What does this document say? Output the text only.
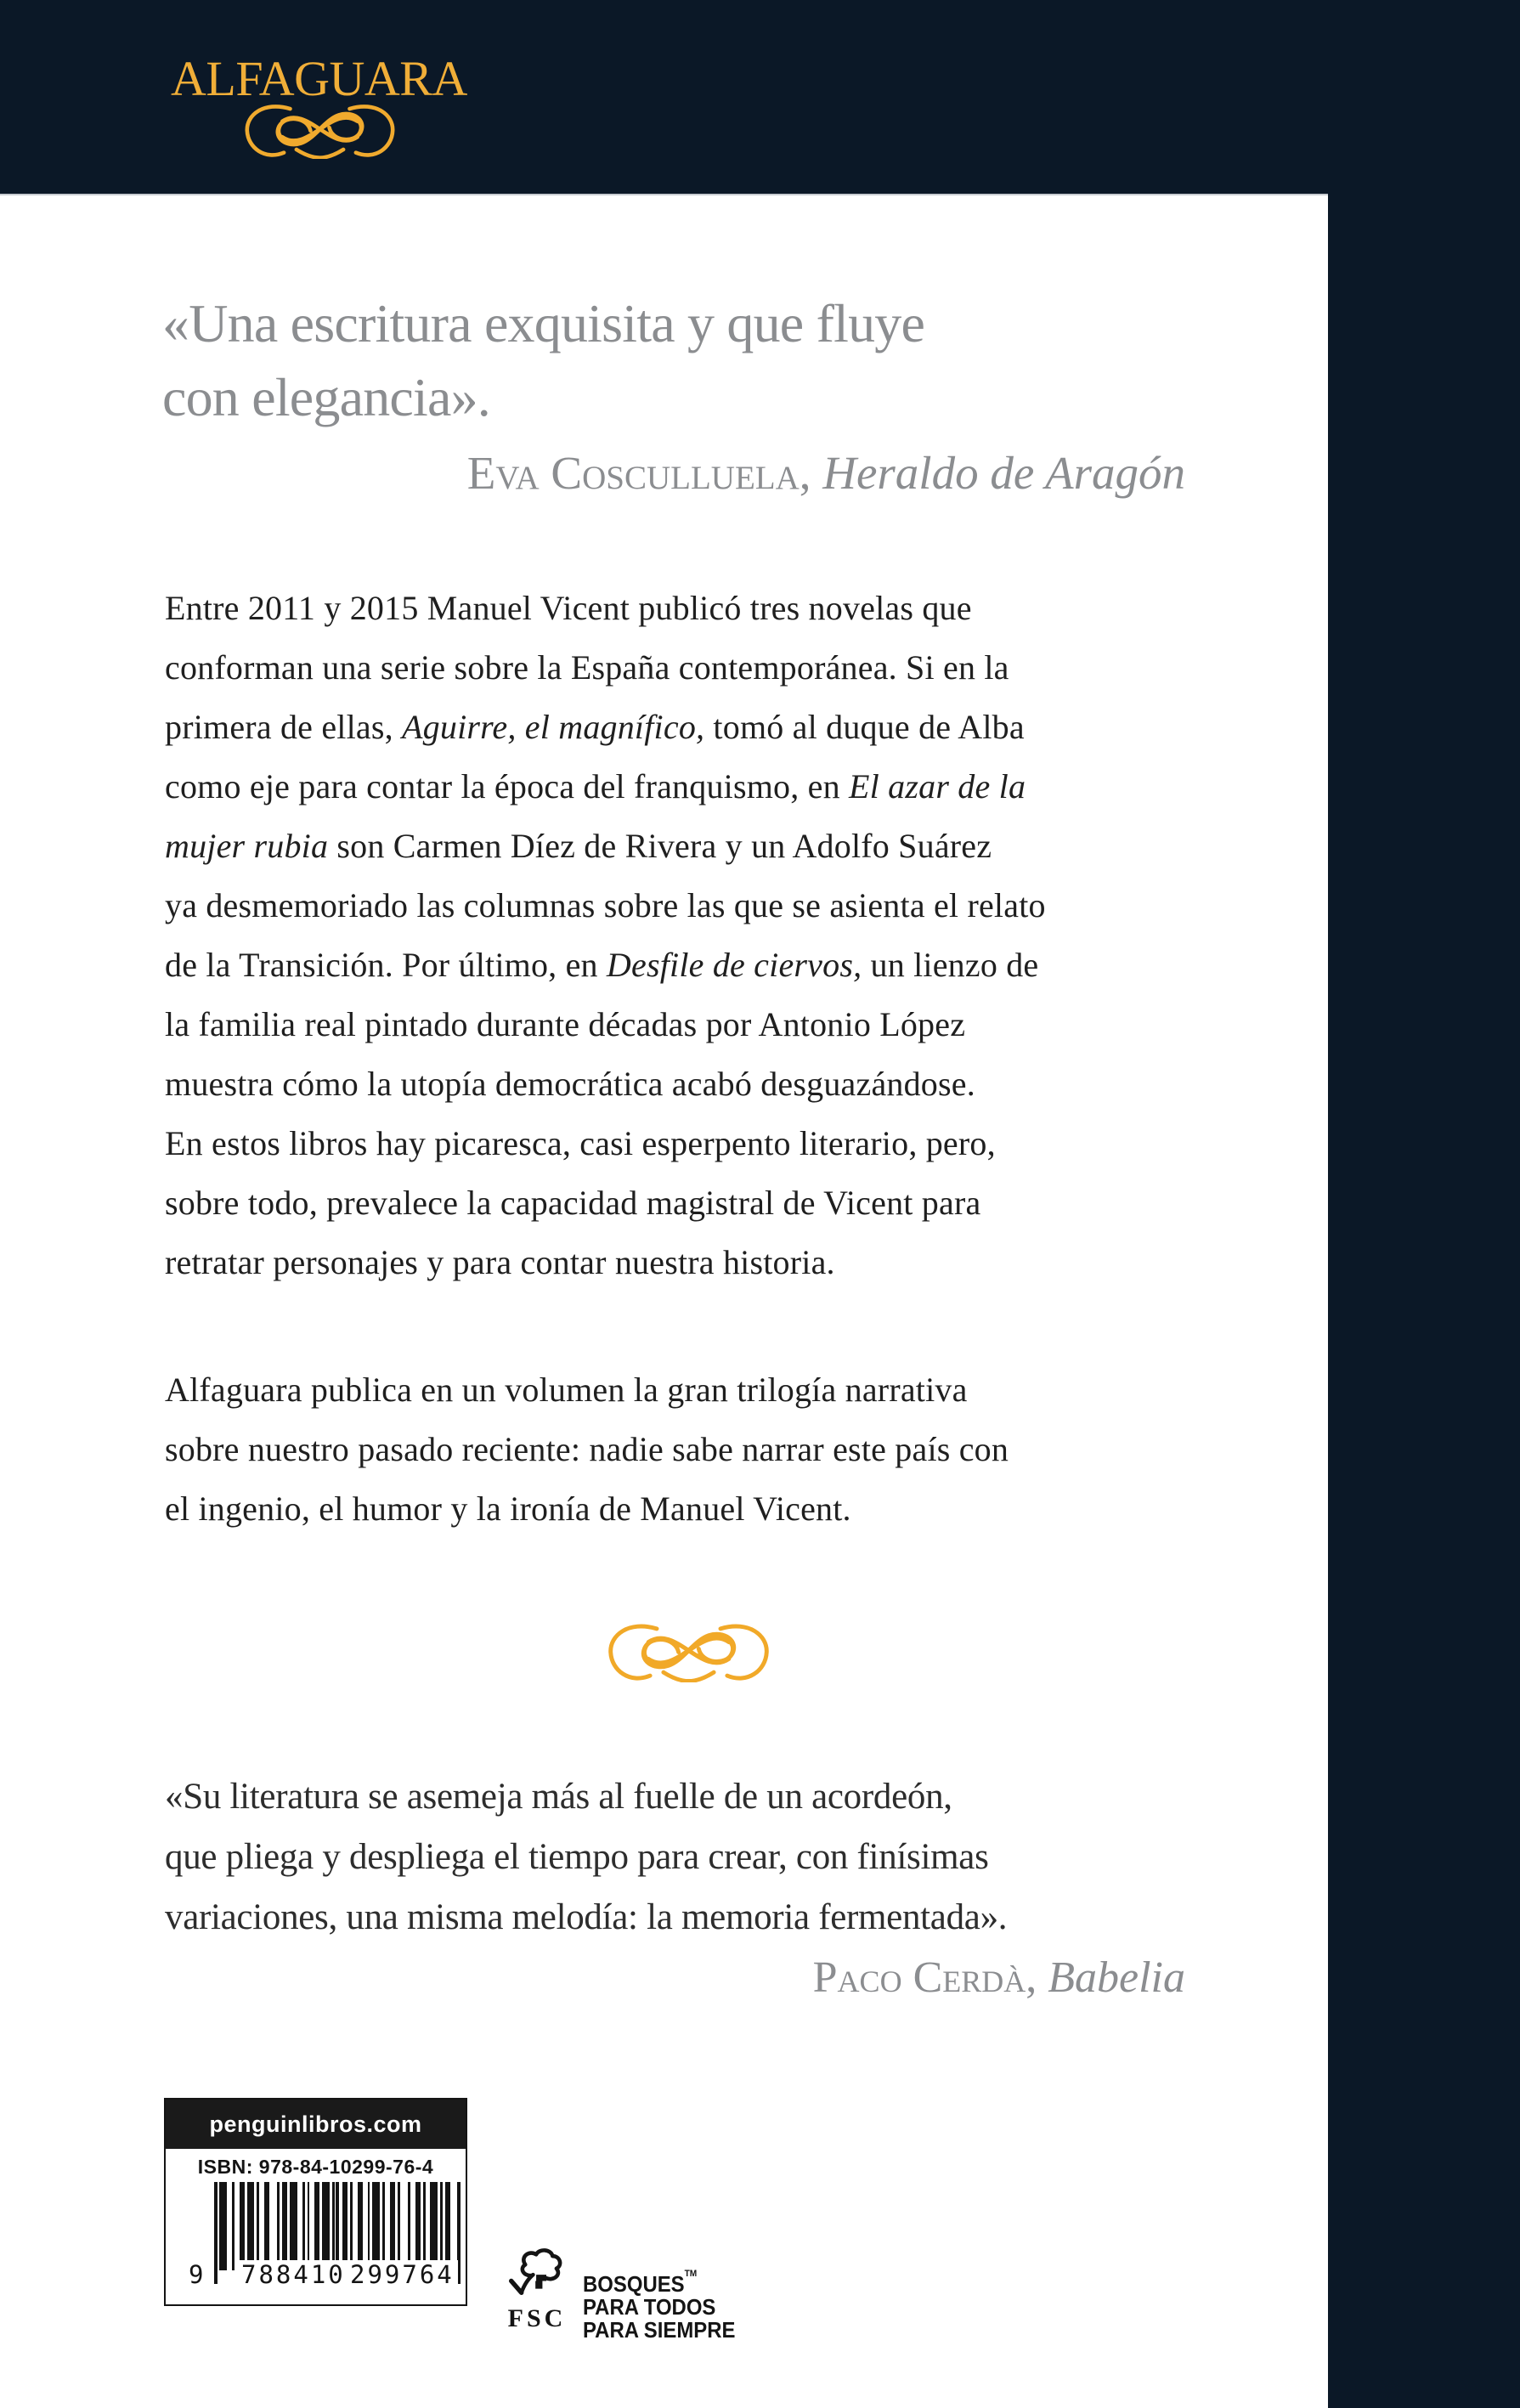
ALFAGUARA
«Una escritura exquisita y que fluye
con elegancia».
Eva Cosculluela, Heraldo de Aragón
Entre 2011 y 2015 Manuel Vicent publicó tres novelas que
conforman una serie sobre la España contemporánea. Si en la
primera de ellas, Aguirre, el magnífico, tomó al duque de Alba
como eje para contar la época del franquismo, en El azar de la
mujer rubia son Carmen Díez de Rivera y un Adolfo Suárez
ya desmemoriado las columnas sobre las que se asienta el relato
de la Transición. Por último, en Desfile de ciervos, un lienzo de
la familia real pintado durante décadas por Antonio López
muestra cómo la utopía democrática acabó desguazándose.
En estos libros hay picaresca, casi esperpento literario, pero,
sobre todo, prevalece la capacidad magistral de Vicent para
retratar personajes y para contar nuestra historia.
Alfaguara publica en un volumen la gran trilogía narrativa
sobre nuestro pasado reciente: nadie sabe narrar este país con
el ingenio, el humor y la ironía de Manuel Vicent.
«Su literatura se asemeja más al fuelle de un acordeón,
que pliega y despliega el tiempo para crear, con finísimas
variaciones, una misma melodía: la memoria fermentada».
Paco Cerdà, Babelia
penguinlibros.com
ISBN: 978-84-10299-76-4
9 788410 299764
FSC
BOSQUES™
PARA TODOS
PARA SIEMPRE
